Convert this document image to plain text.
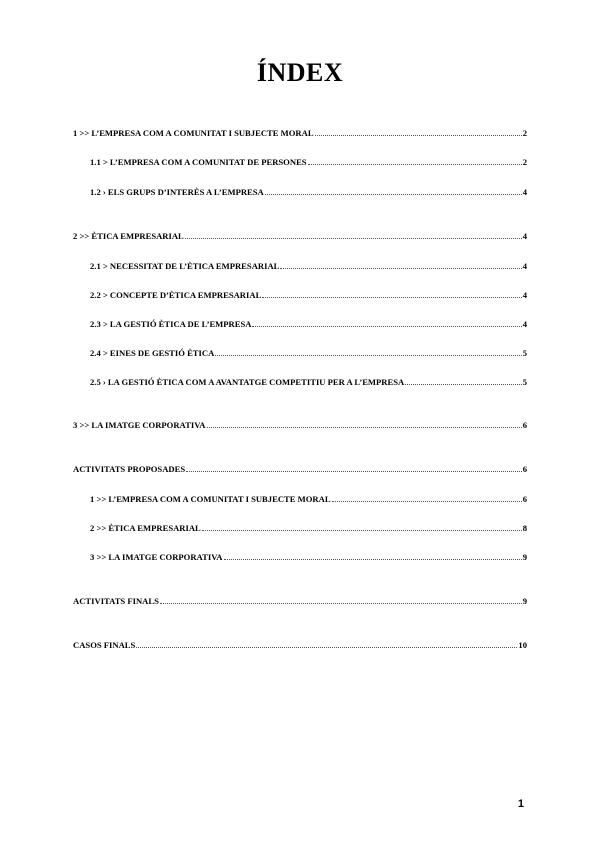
ÍNDEX
1 >> L’EMPRESA COM A COMUNITAT I SUBJECTE MORAL	2
1.1 > L’EMPRESA COM A COMUNITAT DE PERSONES	2
1.2 › ELS GRUPS D’INTERÈS A L’EMPRESA	4
2 >> ÈTICA EMPRESARIAL	4
2.1 > NECESSITAT DE L’ÈTICA EMPRESARIAL	4
2.2 > CONCEPTE D’ÈTICA EMPRESARIAL	4
2.3 > LA GESTIÓ ÈTICA DE L’EMPRESA	4
2.4 > EINES DE GESTIÓ ÈTICA	5
2.5 › LA GESTIÓ ÈTICA COM A AVANTATGE COMPETITIU PER A L’EMPRESA	5
3 >> LA IMATGE CORPORATIVA	6
ACTIVITATS PROPOSADES	6
1 >> L’EMPRESA COM A COMUNITAT I SUBJECTE MORAL	6
2 >> ÈTICA EMPRESARIAL	8
3 >> LA IMATGE CORPORATIVA	9
ACTIVITATS FINALS	9
CASOS FINALS	10
1
